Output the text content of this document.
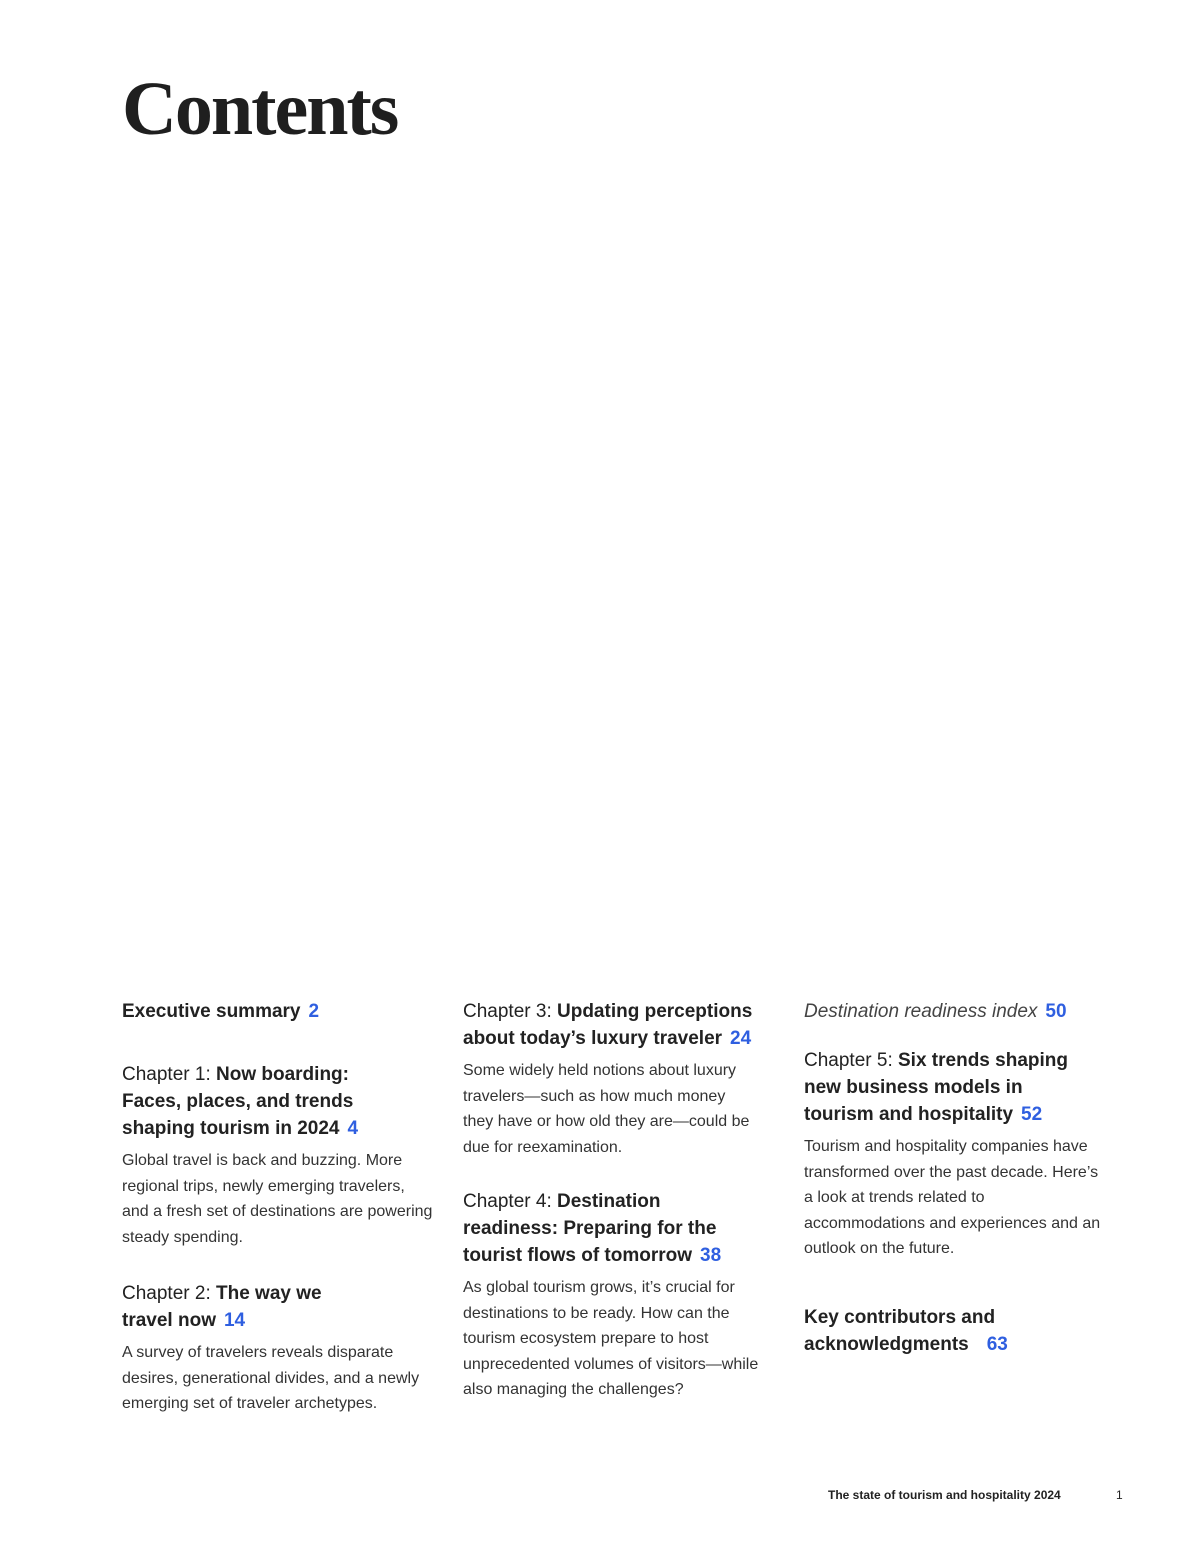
Contents
Executive summary 2
Chapter 1: Now boarding: Faces, places, and trends shaping tourism in 2024 4
Global travel is back and buzzing. More regional trips, newly emerging travelers, and a fresh set of destinations are powering steady spending.
Chapter 2: The way we travel now 14
A survey of travelers reveals disparate desires, generational divides, and a newly emerging set of traveler archetypes.
Chapter 3: Updating perceptions about today’s luxury traveler 24
Some widely held notions about luxury travelers—such as how much money they have or how old they are—could be due for reexamination.
Chapter 4: Destination readiness: Preparing for the tourist flows of tomorrow 38
As global tourism grows, it’s crucial for destinations to be ready. How can the tourism ecosystem prepare to host unprecedented volumes of visitors—while also managing the challenges?
Destination readiness index 50
Chapter 5: Six trends shaping new business models in tourism and hospitality 52
Tourism and hospitality companies have transformed over the past decade. Here’s a look at trends related to accommodations and experiences and an outlook on the future.
Key contributors and acknowledgments 63
The state of tourism and hospitality 2024	1
